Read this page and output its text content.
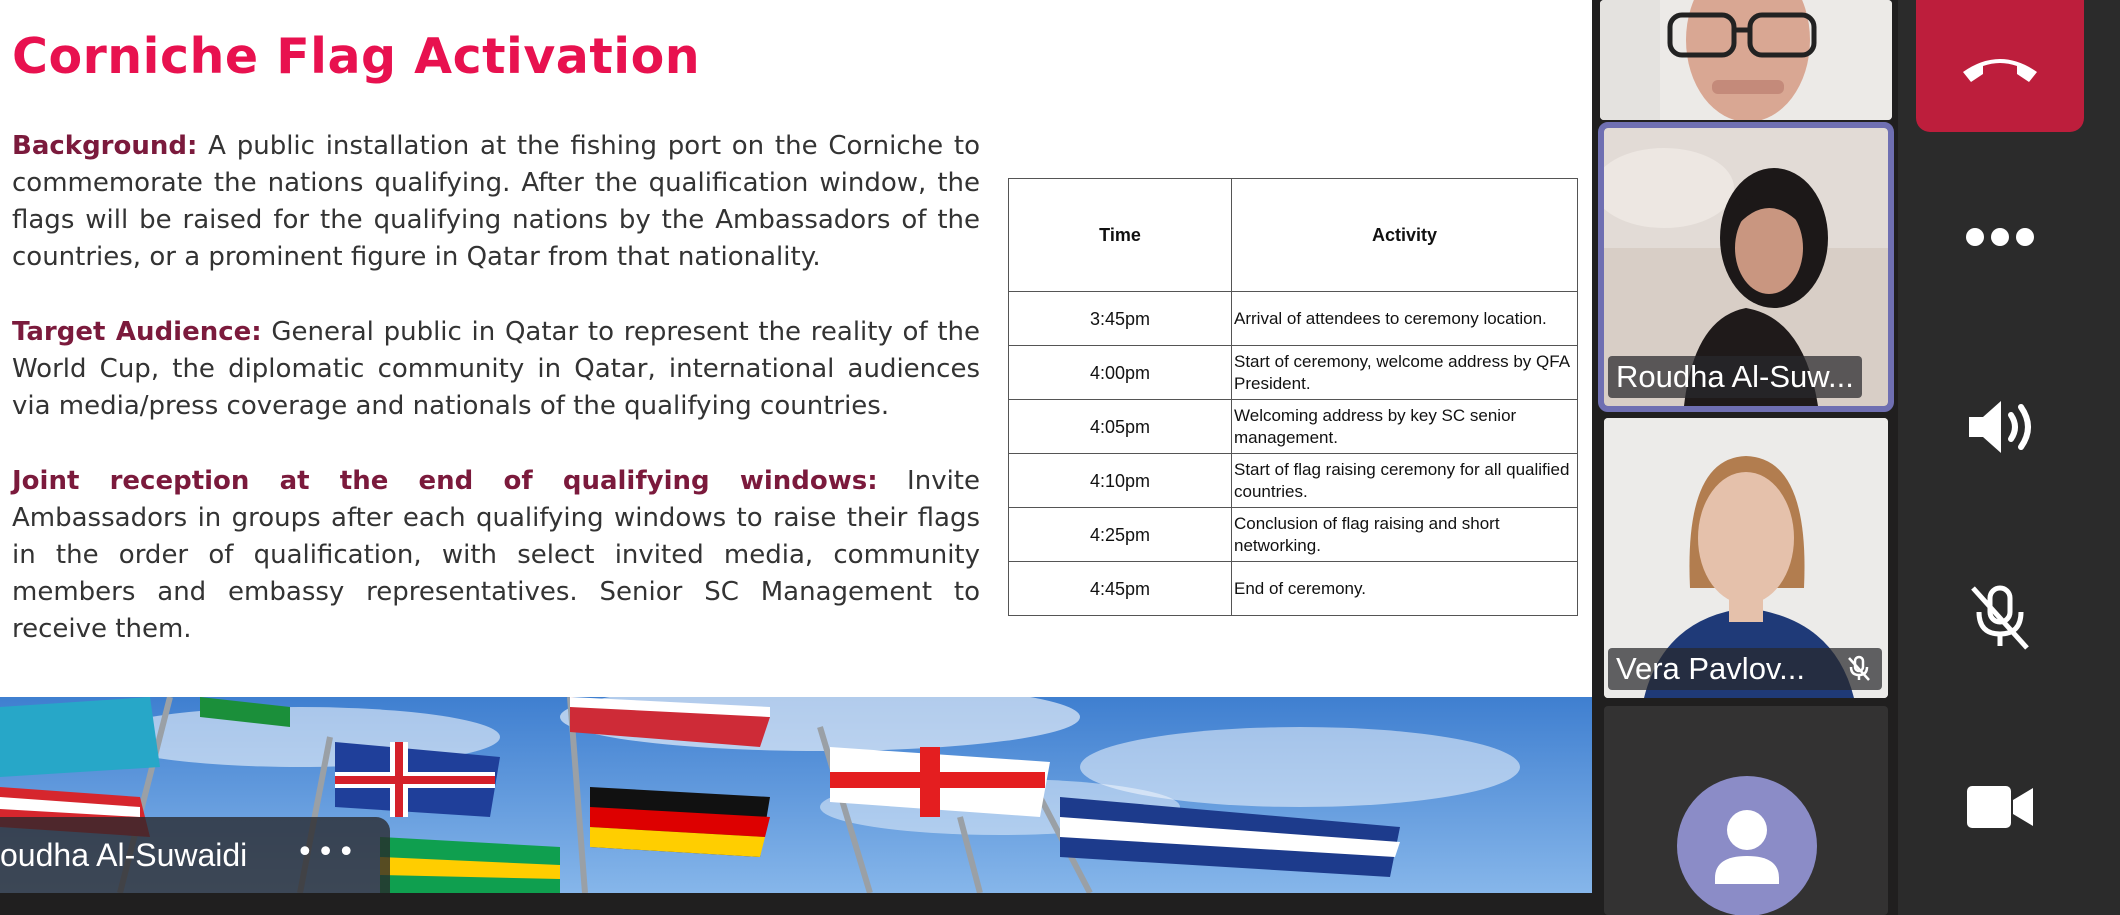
Corniche Flag Activation

Background: A public installation at the fishing port on the Corniche to commemorate the nations qualifying. After the qualification window, the flags will be raised for the qualifying nations by the Ambassadors of the countries, or a prominent figure in Qatar from that nationality.

Target Audience: General public in Qatar to represent the reality of the World Cup, the diplomatic community in Qatar, international audiences via media/press coverage and nationals of the qualifying countries.

Joint reception at the end of qualifying windows: Invite Ambassadors in groups after each qualifying windows to raise their flags in the order of qualification, with select invited media, community members and embassy representatives. Senior SC Management to receive them.

Time	Activity
3:45pm	Arrival of attendees to ceremony location.
4:00pm	Start of ceremony, welcome address by QFA President.
4:05pm	Welcoming address by key SC senior management.
4:10pm	Start of flag raising ceremony for all qualified countries.
4:25pm	Conclusion of flag raising and short networking.
4:45pm	End of ceremony.
oudha Al-Suwaidi •••
Roudha Al-Suw...
Vera Pavlov...
